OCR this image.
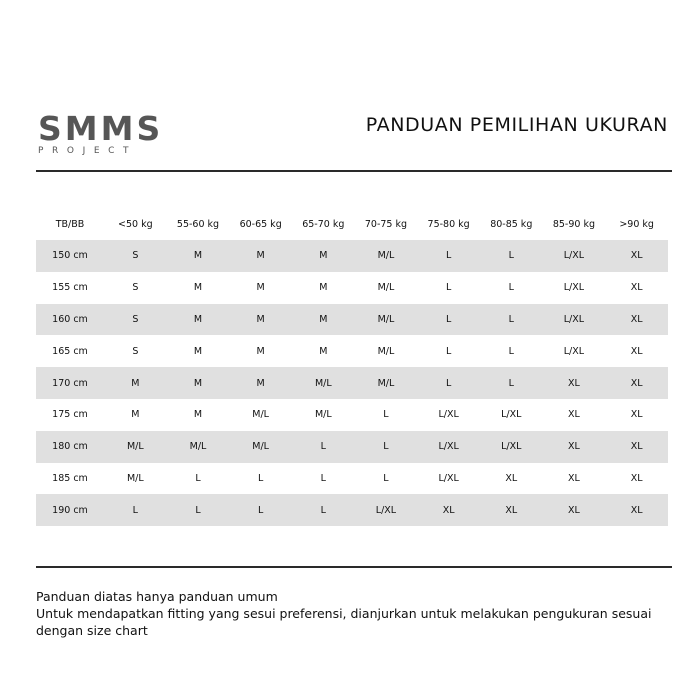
SMMS
PROJECT
PANDUAN PEMILIHAN UKURAN
TB/BB	<50 kg	55-60 kg	60-65 kg	65-70 kg	70-75 kg	75-80 kg	80-85 kg	85-90 kg	>90 kg
150 cm	S	M	M	M	M/L	L	L	L/XL	XL
155 cm	S	M	M	M	M/L	L	L	L/XL	XL
160 cm	S	M	M	M	M/L	L	L	L/XL	XL
165 cm	S	M	M	M	M/L	L	L	L/XL	XL
170 cm	M	M	M	M/L	M/L	L	L	XL	XL
175 cm	M	M	M/L	M/L	L	L/XL	L/XL	XL	XL
180 cm	M/L	M/L	M/L	L	L	L/XL	L/XL	XL	XL
185 cm	M/L	L	L	L	L	L/XL	XL	XL	XL
190 cm	L	L	L	L	L/XL	XL	XL	XL	XL

Panduan diatas hanya panduan umum

Untuk mendapatkan fitting yang sesui preferensi, dianjurkan untuk melakukan pengukuran sesuai dengan size chart
